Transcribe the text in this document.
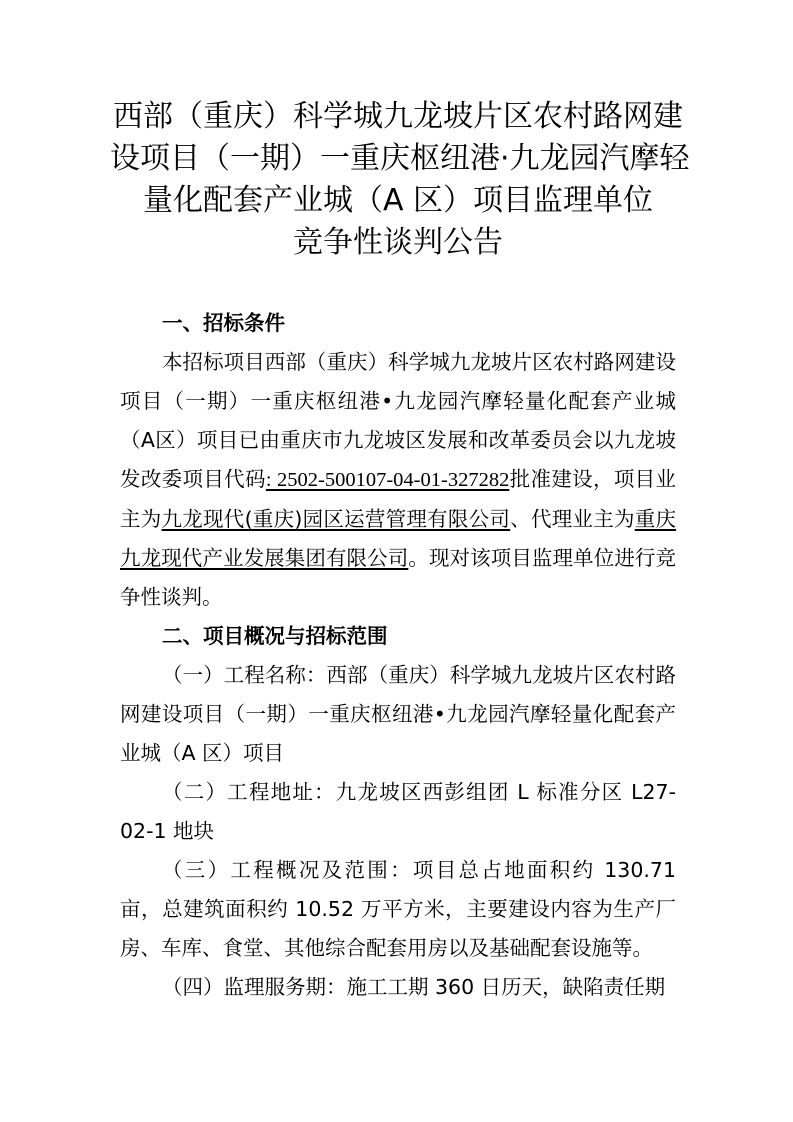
西部（重庆）科学城九龙坡片区农村路网建
设项目（一期）一重庆枢纽港·九龙园汽摩轻
量化配套产业城（A 区）项目监理单位
竞争性谈判公告

一、招标条件

本招标项目西部（重庆）科学城九龙坡片区农村路网建设项目（一期）一重庆枢纽港•九龙园汽摩轻量化配套产业城（A区）项目已由重庆市九龙坡区发展和改革委员会以九龙坡发改委项目代码: 2502-500107-04-01-327282批准建设，项目业主为九龙现代(重庆)园区运营管理有限公司、代理业主为重庆九龙现代产业发展集团有限公司。现对该项目监理单位进行竞争性谈判。

二、项目概况与招标范围

（一）工程名称：西部（重庆）科学城九龙坡片区农村路网建设项目（一期）一重庆枢纽港•九龙园汽摩轻量化配套产业城（A 区）项目

（二）工程地址：九龙坡区西彭组团 L 标准分区 L27-02-1 地块

（三）工程概况及范围：项目总占地面积约 130.71 亩，总建筑面积约 10.52 万平方米，主要建设内容为生产厂房、车库、食堂、其他综合配套用房以及基础配套设施等。

（四）监理服务期：施工工期 360 日历天，缺陷责任期
